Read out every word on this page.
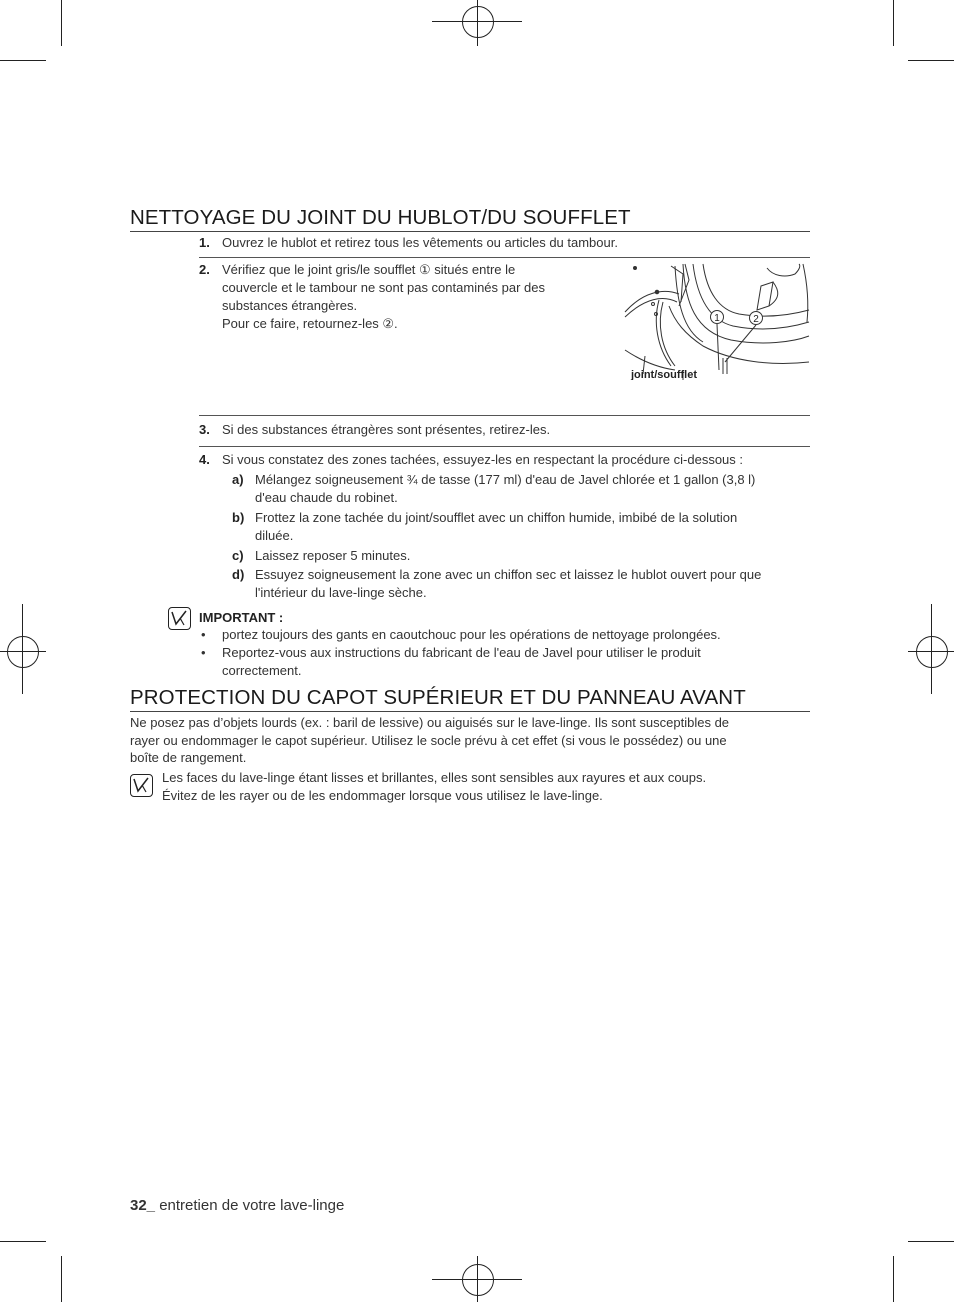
NETTOYAGE DU JOINT DU HUBLOT/DU SOUFFLET
1. Ouvrez le hublot et retirez tous les vêtements ou articles du tambour.
2. Vérifiez que le joint gris/le soufflet ① situés entre le
couvercle et le tambour ne sont pas contaminés par des
substances étrangères.
Pour ce faire, retournez-les ②.	1	2
joint/soufflet
3. Si des substances étrangères sont présentes, retirez-les.
4. Si vous constatez des zones tachées, essuyez-les en respectant la procédure ci-dessous :
a) Mélangez soigneusement ¾ de tasse (177 ml) d'eau de Javel chlorée et 1 gallon (3,8 l)
d'eau chaude du robinet.
b) Frottez la zone tachée du joint/soufflet avec un chiffon humide, imbibé de la solution
diluée.
c) Laissez reposer 5 minutes.
d) Essuyez soigneusement la zone avec un chiffon sec et laissez le hublot ouvert pour que
l'intérieur du lave-linge sèche.
IMPORTANT :
• portez toujours des gants en caoutchouc pour les opérations de nettoyage prolongées.
• Reportez-vous aux instructions du fabricant de l'eau de Javel pour utiliser le produit
correctement.
PROTECTION DU CAPOT SUPÉRIEUR ET DU PANNEAU AVANT
Ne posez pas d’objets lourds (ex. : baril de lessive) ou aiguisés sur le lave-linge. Ils sont susceptibles de
rayer ou endommager le capot supérieur. Utilisez le socle prévu à cet effet (si vous le possédez) ou une
boîte de rangement.
Les faces du lave-linge étant lisses et brillantes, elles sont sensibles aux rayures et aux coups.
Évitez de les rayer ou de les endommager lorsque vous utilisez le lave-linge.
32_ entretien de votre lave-linge
